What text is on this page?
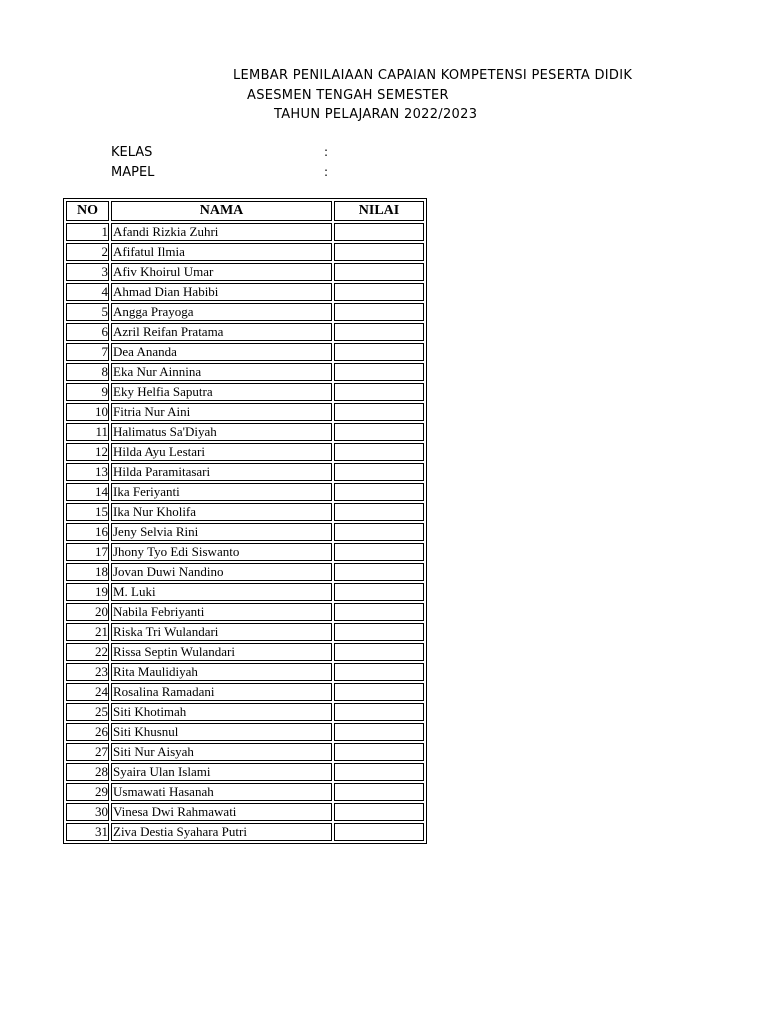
LEMBAR PENILAIAAN CAPAIAN KOMPETENSI PESERTA DIDIK
ASESMEN TENGAH SEMESTER
TAHUN PELAJARAN 2022/2023
KELAS	:
MAPEL	:
NO	NAMA	NILAI
1	Afandi Rizkia Zuhri	
2	Afifatul Ilmia	
3	Afiv Khoirul Umar	
4	Ahmad Dian Habibi	
5	Angga Prayoga	
6	Azril Reifan Pratama	
7	Dea Ananda	
8	Eka Nur Ainnina	
9	Eky Helfia Saputra	
10	Fitria Nur Aini	
11	Halimatus Sa'Diyah	
12	Hilda Ayu Lestari	
13	Hilda Paramitasari	
14	Ika Feriyanti	
15	Ika Nur Kholifa	
16	Jeny Selvia Rini	
17	Jhony Tyo Edi Siswanto	
18	Jovan Duwi Nandino	
19	M. Luki	
20	Nabila Febriyanti	
21	Riska Tri Wulandari	
22	Rissa Septin Wulandari	
23	Rita Maulidiyah	
24	Rosalina Ramadani	
25	Siti Khotimah	
26	Siti Khusnul	
27	Siti Nur Aisyah	
28	Syaira Ulan Islami	
29	Usmawati Hasanah	
30	Vinesa Dwi Rahmawati	
31	Ziva Destia Syahara Putri	
